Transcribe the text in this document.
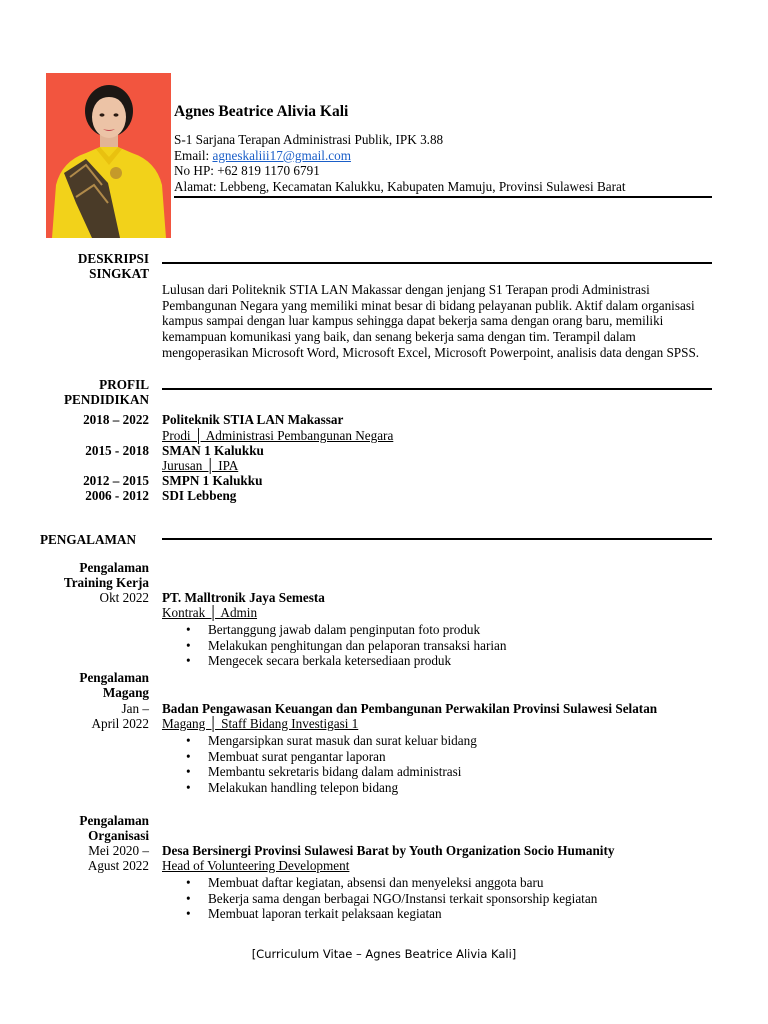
Agnes Beatrice Alivia Kali
S-1 Sarjana Terapan Administrasi Publik, IPK 3.88
Email: agneskaliii17@gmail.com
No HP: +62 819 1170 6791
Alamat: Lebbeng, Kecamatan Kalukku, Kabupaten Mamuju, Provinsi Sulawesi Barat
DESKRIPSI
SINGKAT
Lulusan dari Politeknik STIA LAN Makassar dengan jenjang S1 Terapan prodi Administrasi Pembangunan Negara yang memiliki minat besar di bidang pelayanan publik. Aktif dalam organisasi kampus sampai dengan luar kampus sehingga dapat bekerja sama dengan orang baru, memiliki kemampuan komunikasi yang baik, dan senang bekerja sama dengan tim. Terampil dalam mengoperasikan Microsoft Word, Microsoft Excel, Microsoft Powerpoint, analisis data dengan SPSS.
PROFIL
PENDIDIKAN
2018 – 2022 Politeknik STIA LAN Makassar
Prodi │ Administrasi Pembangunan Negara
2015 - 2018 SMAN 1 Kalukku
Jurusan │ IPA
2012 – 2015 SMPN 1 Kalukku
2006 - 2012 SDI Lebbeng
PENGALAMAN
Pengalaman
Training Kerja
Okt 2022 PT. Malltronik Jaya Semesta
Kontrak │ Admin
• Bertanggung jawab dalam penginputan foto produk
• Melakukan penghitungan dan pelaporan transaksi harian
• Mengecek secara berkala ketersediaan produk
Pengalaman
Magang
Jan –
April 2022
Badan Pengawasan Keuangan dan Pembangunan Perwakilan Provinsi Sulawesi Selatan
Magang │ Staff Bidang Investigasi 1
• Mengarsipkan surat masuk dan surat keluar bidang
• Membuat surat pengantar laporan
• Membantu sekretaris bidang dalam administrasi
• Melakukan handling telepon bidang
Pengalaman
Organisasi
Mei 2020 –
Agust 2022
Desa Bersinergi Provinsi Sulawesi Barat by Youth Organization Socio Humanity
Head of Volunteering Development
• Membuat daftar kegiatan, absensi dan menyeleksi anggota baru
• Bekerja sama dengan berbagai NGO/Instansi terkait sponsorship kegiatan
• Membuat laporan terkait pelaksaan kegiatan
[Curriculum Vitae – Agnes Beatrice Alivia Kali]
